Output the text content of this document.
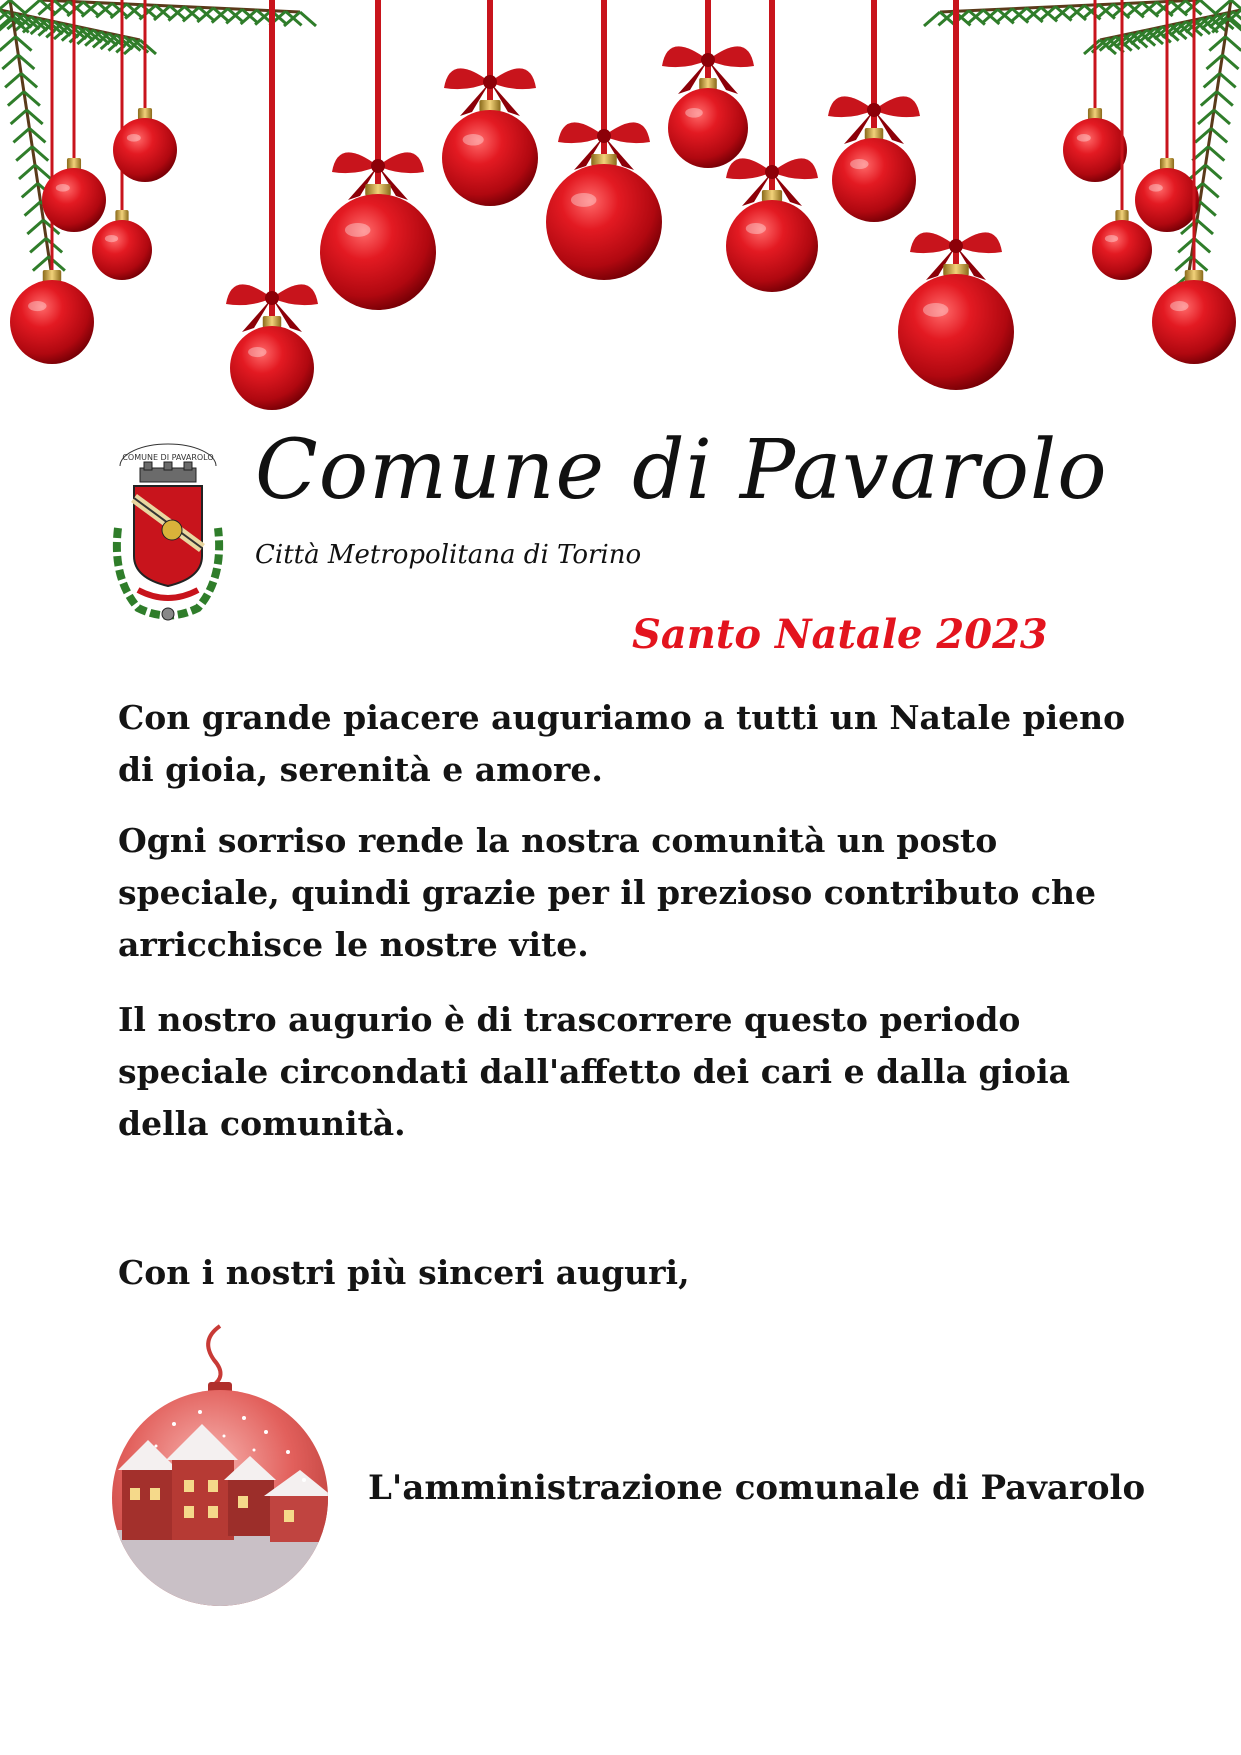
COMUNE DI PAVAROLO Comune di Pavarolo
Città Metropolitana di Torino
Santo Natale 2023

Con grande piacere auguriamo a tutti un Natale pieno di gioia, serenità e amore.

Ogni sorriso rende la nostra comunità un posto speciale, quindi grazie per il prezioso contributo che arricchisce le nostre vite.

Il nostro augurio è di trascorrere questo periodo speciale circondati dall'affetto dei cari e dalla gioia della comunità.

Con i nostri più sinceri auguri,

L'amministrazione comunale di Pavarolo
